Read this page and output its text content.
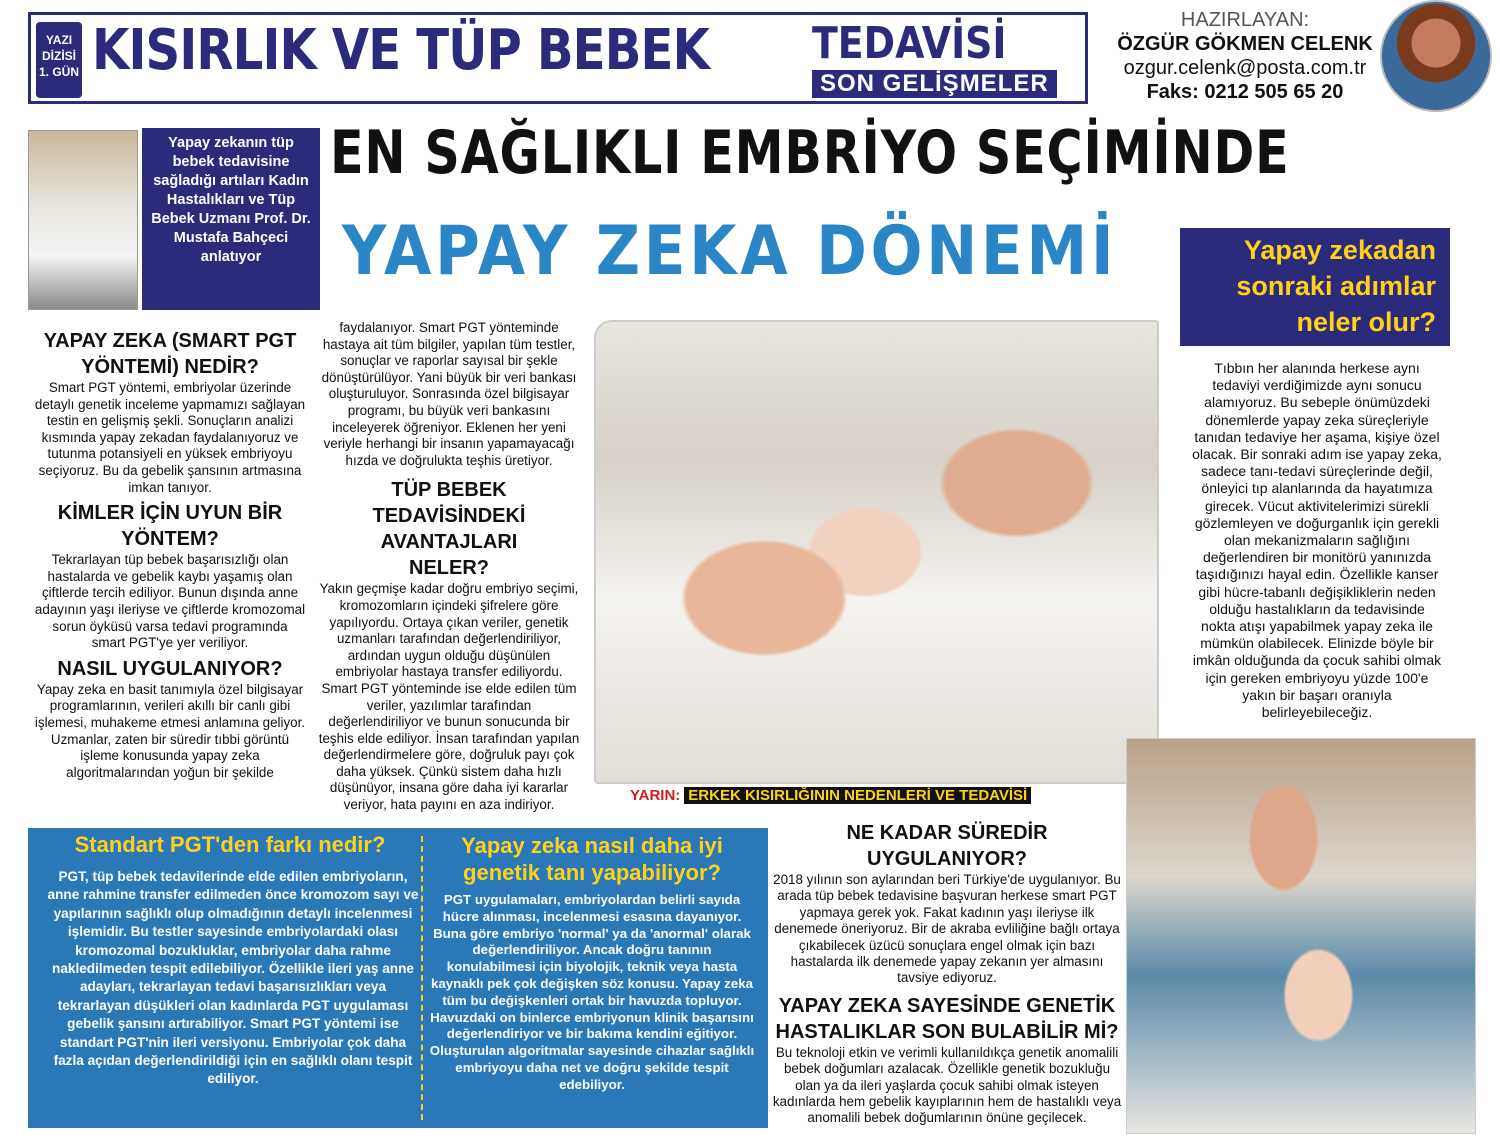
YAZI
DİZİSİ
1. GÜN KISIRLIK VE TÜP BEBEK TEDAVİSİ
SON GELİŞMELER
HAZIRLAYAN:
ÖZGÜR GÖKMEN CELENK
ozgur.celenk@posta.com.tr
Faks: 0212 505 65 20
Yapay zekanın tüp bebek tedavisine sağladığı artıları Kadın Hastalıkları ve Tüp Bebek Uzmanı Prof. Dr. Mustafa Bahçeci anlatıyor
EN SAĞLIKLI EMBRİYO SEÇİMİNDE
YAPAY ZEKA DÖNEMİ	Yapay zekadan sonraki adımlar neler olur?
Tıbbın her alanında herkese aynı tedaviyi verdiğimizde aynı sonucu alamıyoruz. Bu sebeple önümüzdeki dönemlerde yapay zeka süreçleriyle tanıdan tedaviye her aşama, kişiye özel olacak. Bir sonraki adım ise yapay zeka, sadece tanı-tedavi süreçlerinde değil, önleyici tıp alanlarında da hayatımıza girecek. Vücut aktivitelerimizi sürekli gözlemleyen ve doğurganlık için gerekli olan mekanizmaların sağlığını değerlendiren bir monitörü yanınızda taşıdığınızı hayal edin. Özellikle kanser gibi hücre-tabanlı değişikliklerin neden olduğu hastalıkların da tedavisinde nokta atışı yapabilmek yapay zeka ile mümkün olabilecek. Elinizde böyle bir imkân olduğunda da çocuk sahibi olmak için gereken embriyoyu yüzde 100'e yakın bir başarı oranıyla belirleyebileceğiz.
YAPAY ZEKA (SMART PGT YÖNTEMİ) NEDİR?
Smart PGT yöntemi, embriyolar üzerinde detaylı genetik inceleme yapmamızı sağlayan testin en gelişmiş şekli. Sonuçların analizi kısmında yapay zekadan faydalanıyoruz ve tutunma potansiyeli en yüksek embriyoyu seçiyoruz. Bu da gebelik şansının artmasına imkan tanıyor.
KİMLER İÇİN UYUN BİR YÖNTEM?
Tekrarlayan tüp bebek başarısızlığı olan hastalarda ve gebelik kaybı yaşamış olan çiftlerde tercih ediliyor. Bunun dışında anne adayının yaşı ileriyse ve çiftlerde kromozomal sorun öyküsü varsa tedavi programında smart PGT'ye yer veriliyor.
NASIL UYGULANIYOR?
Yapay zeka en basit tanımıyla özel bilgisayar programlarının, verileri akıllı bir canlı gibi işlemesi, muhakeme etmesi anlamına geliyor. Uzmanlar, zaten bir süredir tıbbi görüntü işleme konusunda yapay zeka algoritmalarından yoğun bir şekilde
faydalanıyor. Smart PGT yönteminde hastaya ait tüm bilgiler, yapılan tüm testler, sonuçlar ve raporlar sayısal bir şekle dönüştürülüyor. Yani büyük bir veri bankası oluşturuluyor. Sonrasında özel bilgisayar programı, bu büyük veri bankasını inceleyerek öğreniyor. Eklenen her yeni veriyle herhangi bir insanın yapamayacağı hızda ve doğrulukta teşhis üretiyor.
TÜP BEBEK TEDAVİSİNDEKİ AVANTAJLARI NELER?
Yakın geçmişe kadar doğru embriyo seçimi, kromozomların içindeki şifrelere göre yapılıyordu. Ortaya çıkan veriler, genetik uzmanları tarafından değerlendiriliyor, ardından uygun olduğu düşünülen embriyolar hastaya transfer ediliyordu. Smart PGT yönteminde ise elde edilen tüm veriler, yazılımlar tarafından değerlendiriliyor ve bunun sonucunda bir teşhis elde ediliyor. İnsan tarafından yapılan değerlendirmelere göre, doğruluk payı çok daha yüksek. Çünkü sistem daha hızlı düşünüyor, insana göre daha iyi kararlar veriyor, hata payını en aza indiriyor.
YARIN: ERKEK KISIRLIĞININ NEDENLERİ VE TEDAVİSİ
Standart PGT'den farkı nedir?
PGT, tüp bebek tedavilerinde elde edilen embriyoların, anne rahmine transfer edilmeden önce kromozom sayı ve yapılarının sağlıklı olup olmadığının detaylı incelenmesi işlemidir. Bu testler sayesinde embriyolardaki olası kromozomal bozukluklar, embriyolar daha rahme nakledilmeden tespit edilebiliyor. Özellikle ileri yaş anne adayları, tekrarlayan tedavi başarısızlıkları veya tekrarlayan düşükleri olan kadınlarda PGT uygulaması gebelik şansını artırabiliyor. Smart PGT yöntemi ise standart PGT'nin ileri versiyonu. Embriyolar çok daha fazla açıdan değerlendirildiği için en sağlıklı olanı tespit ediliyor.
Yapay zeka nasıl daha iyi genetik tanı yapabiliyor?
PGT uygulamaları, embriyolardan belirli sayıda hücre alınması, incelenmesi esasına dayanıyor. Buna göre embriyo 'normal' ya da 'anormal' olarak değerlendiriliyor. Ancak doğru tanının konulabilmesi için biyolojik, teknik veya hasta kaynaklı pek çok değişken söz konusu. Yapay zeka tüm bu değişkenleri ortak bir havuzda topluyor. Havuzdaki on binlerce embriyonun klinik başarısını değerlendiriyor ve bir bakıma kendini eğitiyor. Oluşturulan algoritmalar sayesinde cihazlar sağlıklı embriyoyu daha net ve doğru şekilde tespit edebiliyor.
NE KADAR SÜREDİR UYGULANIYOR?
2018 yılının son aylarından beri Türkiye'de uygulanıyor. Bu arada tüp bebek tedavisine başvuran herkese smart PGT yapmaya gerek yok. Fakat kadının yaşı ileriyse ilk denemede öneriyoruz. Bir de akraba evliliğine bağlı ortaya çıkabilecek üzücü sonuçlara engel olmak için bazı hastalarda ilk denemede yapay zekanın yer almasını tavsiye ediyoruz.
YAPAY ZEKA SAYESİNDE GENETİK HASTALIKLAR SON BULABİLİR Mİ?
Bu teknoloji etkin ve verimli kullanıldıkça genetik anomalili bebek doğumları azalacak. Özellikle genetik bozukluğu olan ya da ileri yaşlarda çocuk sahibi olmak isteyen kadınlarda hem gebelik kayıplarının hem de hastalıklı veya anomalili bebek doğumlarının önüne geçilecek.
